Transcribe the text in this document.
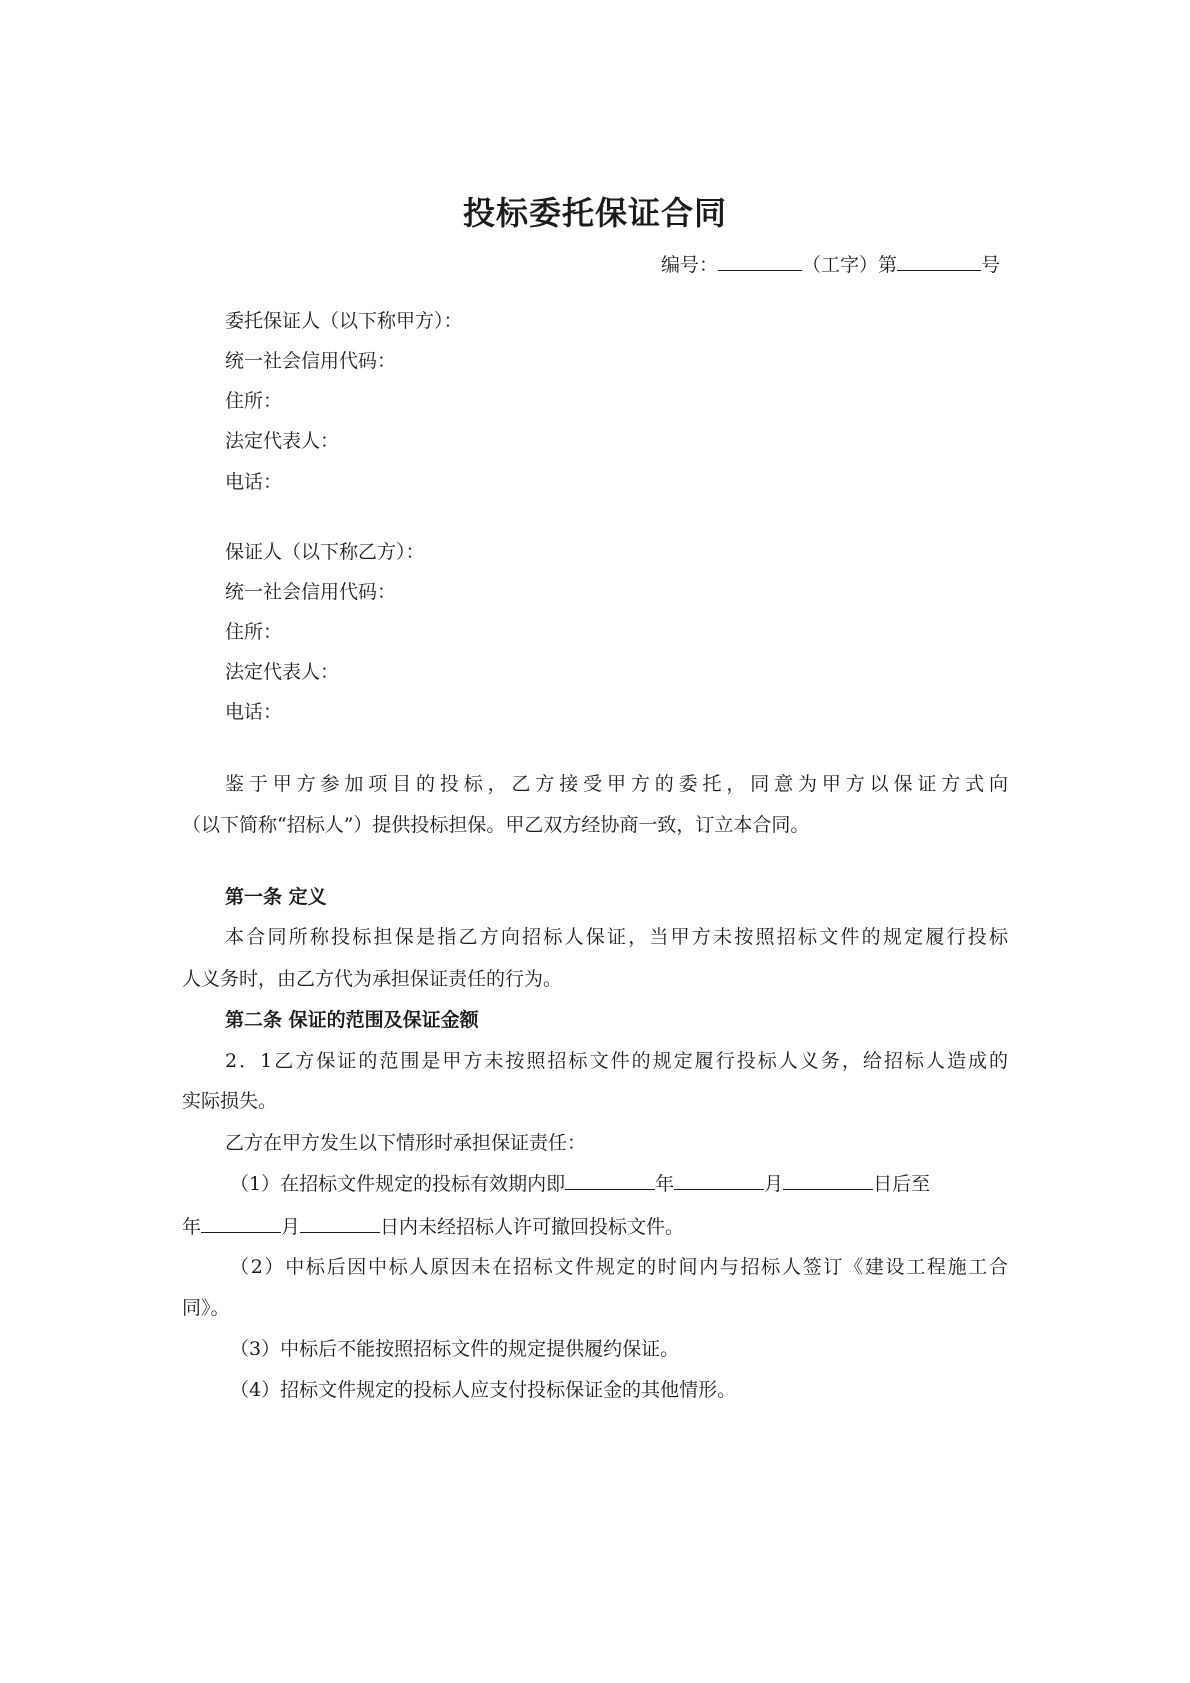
投标委托保证合同
编号：	（工字）第	号
委托保证人（以下称甲方）：
统一社会信用代码：
住所：
法定代表人：
电话：
保证人（以下称乙方）：
统一社会信用代码：
住所：
法定代表人：
电话：
鉴于甲方参加项目的投标，乙方接受甲方的委托，同意为甲方以保证方式向
（以下简称“招标人”）提供投标担保。甲乙双方经协商一致，订立本合同。
第一条 定义
本合同所称投标担保是指乙方向招标人保证，当甲方未按照招标文件的规定履行投标
人义务时，由乙方代为承担保证责任的行为。
第二条 保证的范围及保证金额
2．1乙方保证的范围是甲方未按照招标文件的规定履行投标人义务，给招标人造成的
实际损失。
乙方在甲方发生以下情形时承担保证责任：
（1）在招标文件规定的投标有效期内即	年	月	日后至
年	月	日内未经招标人许可撤回投标文件。
（2）中标后因中标人原因未在招标文件规定的时间内与招标人签订《建设工程施工合
同》。
（3）中标后不能按照招标文件的规定提供履约保证。
（4）招标文件规定的投标人应支付投标保证金的其他情形。
